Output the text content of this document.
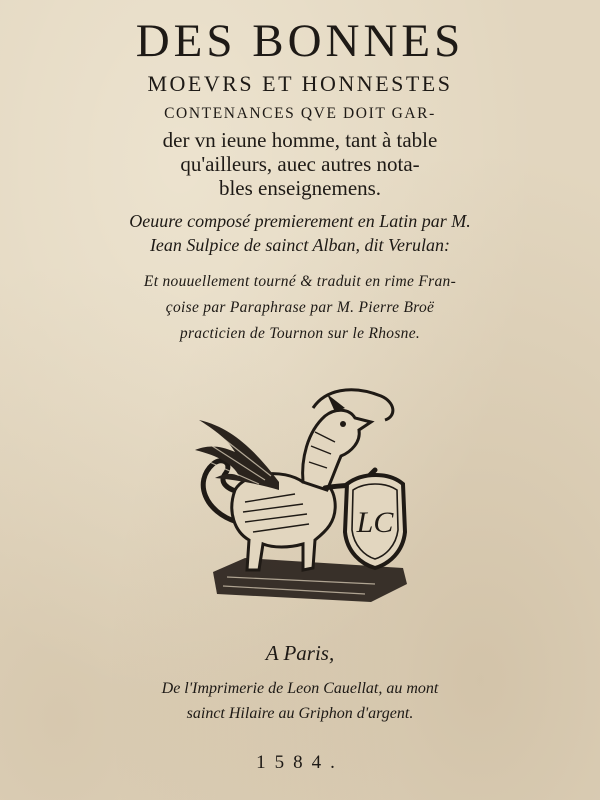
DES BONNES
MOEVRS ET HONNESTES
CONTENANCES QVE DOIT GAR-
der vn ieune homme, tant à table
qu'ailleurs, auec autres nota-
bles enseignemens.
Oeuure composé premierement en Latin par M.
Iean Sulpice de sainct Alban, dit Verulan:
Et nouuellement tourné & traduit en rime Fran-
çoise par Paraphrase par M. Pierre Broë
practicien de Tournon sur le Rhosne.
LC
A Paris,
De l'Imprimerie de Leon Cauellat, au mont
sainct Hilaire au Griphon d'argent.
1584.
